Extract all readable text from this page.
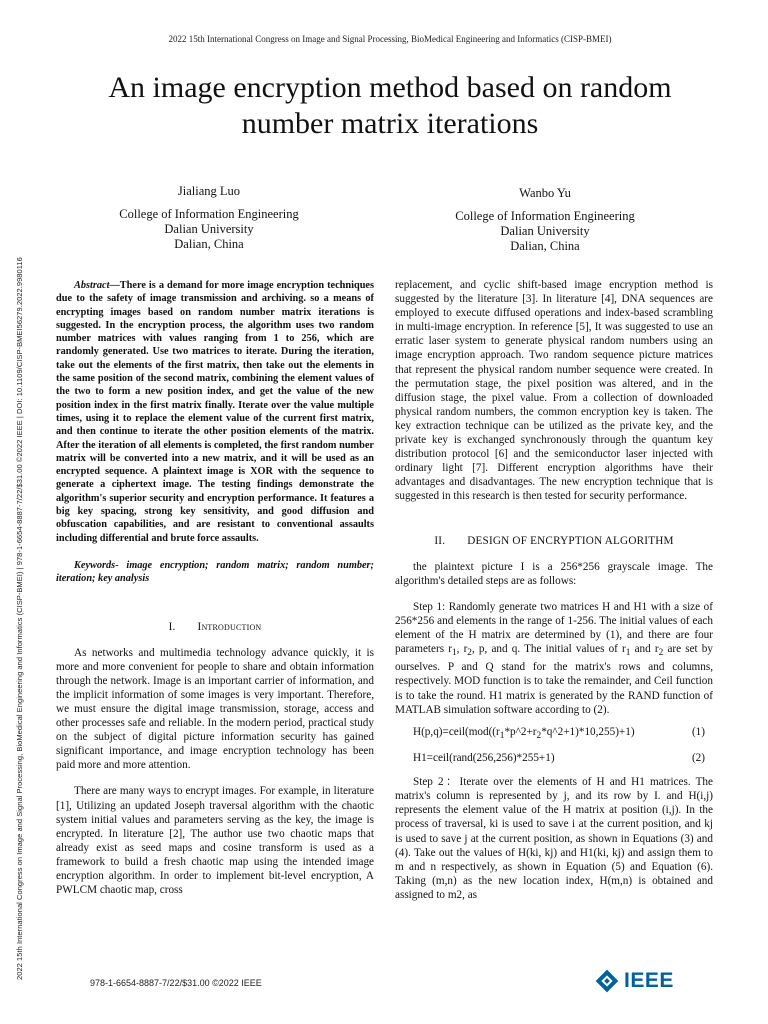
2022 15th International Congress on Image and Signal Processing, BioMedical Engineering and Informatics (CISP-BMEI) | 978-1-6654-8887-7/22/$31.00 ©2022 IEEE | DOI: 10.1109/CISP-BMEI56279.2022.9980116
2022 15th International Congress on Image and Signal Processing, BioMedical Engineering and Informatics (CISP-BMEI)
An image encryption method based on random
number matrix iterations
Jialiang Luo
College of Information Engineering
Dalian University
Dalian, China
Wanbo Yu
College of Information Engineering
Dalian University
Dalian, China

Abstract—There is a demand for more image encryption techniques due to the safety of image transmission and archiving. so a means of encrypting images based on random number matrix iterations is suggested. In the encryption process, the algorithm uses two random number matrices with values ranging from 1 to 256, which are randomly generated. Use two matrices to iterate. During the iteration, take out the elements of the first matrix, then take out the elements in the same position of the second matrix, combining the element values of the two to form a new position index, and get the value of the new position index in the first matrix finally. Iterate over the value multiple times, using it to replace the element value of the current first matrix, and then continue to iterate the other position elements of the matrix. After the iteration of all elements is completed, the first random number matrix will be converted into a new matrix, and it will be used as an encrypted sequence. A plaintext image is XOR with the sequence to generate a ciphertext image. The testing findings demonstrate the algorithm's superior security and encryption performance. It features a big key spacing, strong key sensitivity, and good diffusion and obfuscation capabilities, and are resistant to conventional assaults including differential and brute force assaults.

Keywords- image encryption; random matrix; random number; iteration; key analysis

I. Introduction

As networks and multimedia technology advance quickly, it is more and more convenient for people to share and obtain information through the network. Image is an important carrier of information, and the implicit information of some images is very important. Therefore, we must ensure the digital image transmission, storage, access and other processes safe and reliable. In the modern period, practical study on the subject of digital picture information security has gained significant importance, and image encryption technology has been paid more and more attention.

There are many ways to encrypt images. For example, in literature [1], Utilizing an updated Joseph traversal algorithm with the chaotic system initial values and parameters serving as the key, the image is encrypted. In literature [2], The author use two chaotic maps that already exist as seed maps and cosine transform is used as a framework to build a fresh chaotic map using the intended image encryption algorithm. In order to implement bit-level encryption, A PWLCM chaotic map, cross

replacement, and cyclic shift-based image encryption method is suggested by the literature [3]. In literature [4], DNA sequences are employed to execute diffused operations and index-based scrambling in multi-image encryption. In reference [5], It was suggested to use an erratic laser system to generate physical random numbers using an image encryption approach. Two random sequence picture matrices that represent the physical random number sequence were created. In the permutation stage, the pixel position was altered, and in the diffusion stage, the pixel value. From a collection of downloaded physical random numbers, the common encryption key is taken. The key extraction technique can be utilized as the private key, and the private key is exchanged synchronously through the quantum key distribution protocol [6] and the semiconductor laser injected with ordinary light [7]. Different encryption algorithms have their advantages and disadvantages. The new encryption technique that is suggested in this research is then tested for security performance.

II. DESIGN OF ENCRYPTION ALGORITHM

the plaintext picture I is a 256*256 grayscale image. The algorithm's detailed steps are as follows:

Step 1: Randomly generate two matrices H and H1 with a size of 256*256 and elements in the range of 1-256. The initial values of each element of the H matrix are determined by (1), and there are four parameters $r_1$, $r_2$, p, and q. The initial values of $r_1$ and $r_2$ are set by ourselves. P and Q stand for the matrix's rows and columns, respectively. MOD function is to take the remainder, and Ceil function is to take the round. H1 matrix is generated by the RAND function of MATLAB simulation software according to (2).

$H(p,q)=ceil(mod((r_1*p\^{}2+r_2*q\^{}2+1)*10,255)+1)$	(1)
H1=ceil(rand(256,256)*255+1)	(2)

Step 2：Iterate over the elements of H and H1 matrices. The matrix's column is represented by j, and its row by I. and H(i,j) represents the element value of the H matrix at position (i,j). In the process of traversal, ki is used to save i at the current position, and kj is used to save j at the current position, as shown in Equations (3) and (4). Take out the values of H(ki, kj) and H1(ki, kj) and assign them to m and n respectively, as shown in Equation (5) and Equation (6). Taking (m,n) as the new location index, H(m,n) is obtained and assigned to m2, as

978-1-6654-8887-7/22/$31.00 ©2022 IEEE	IEEE
